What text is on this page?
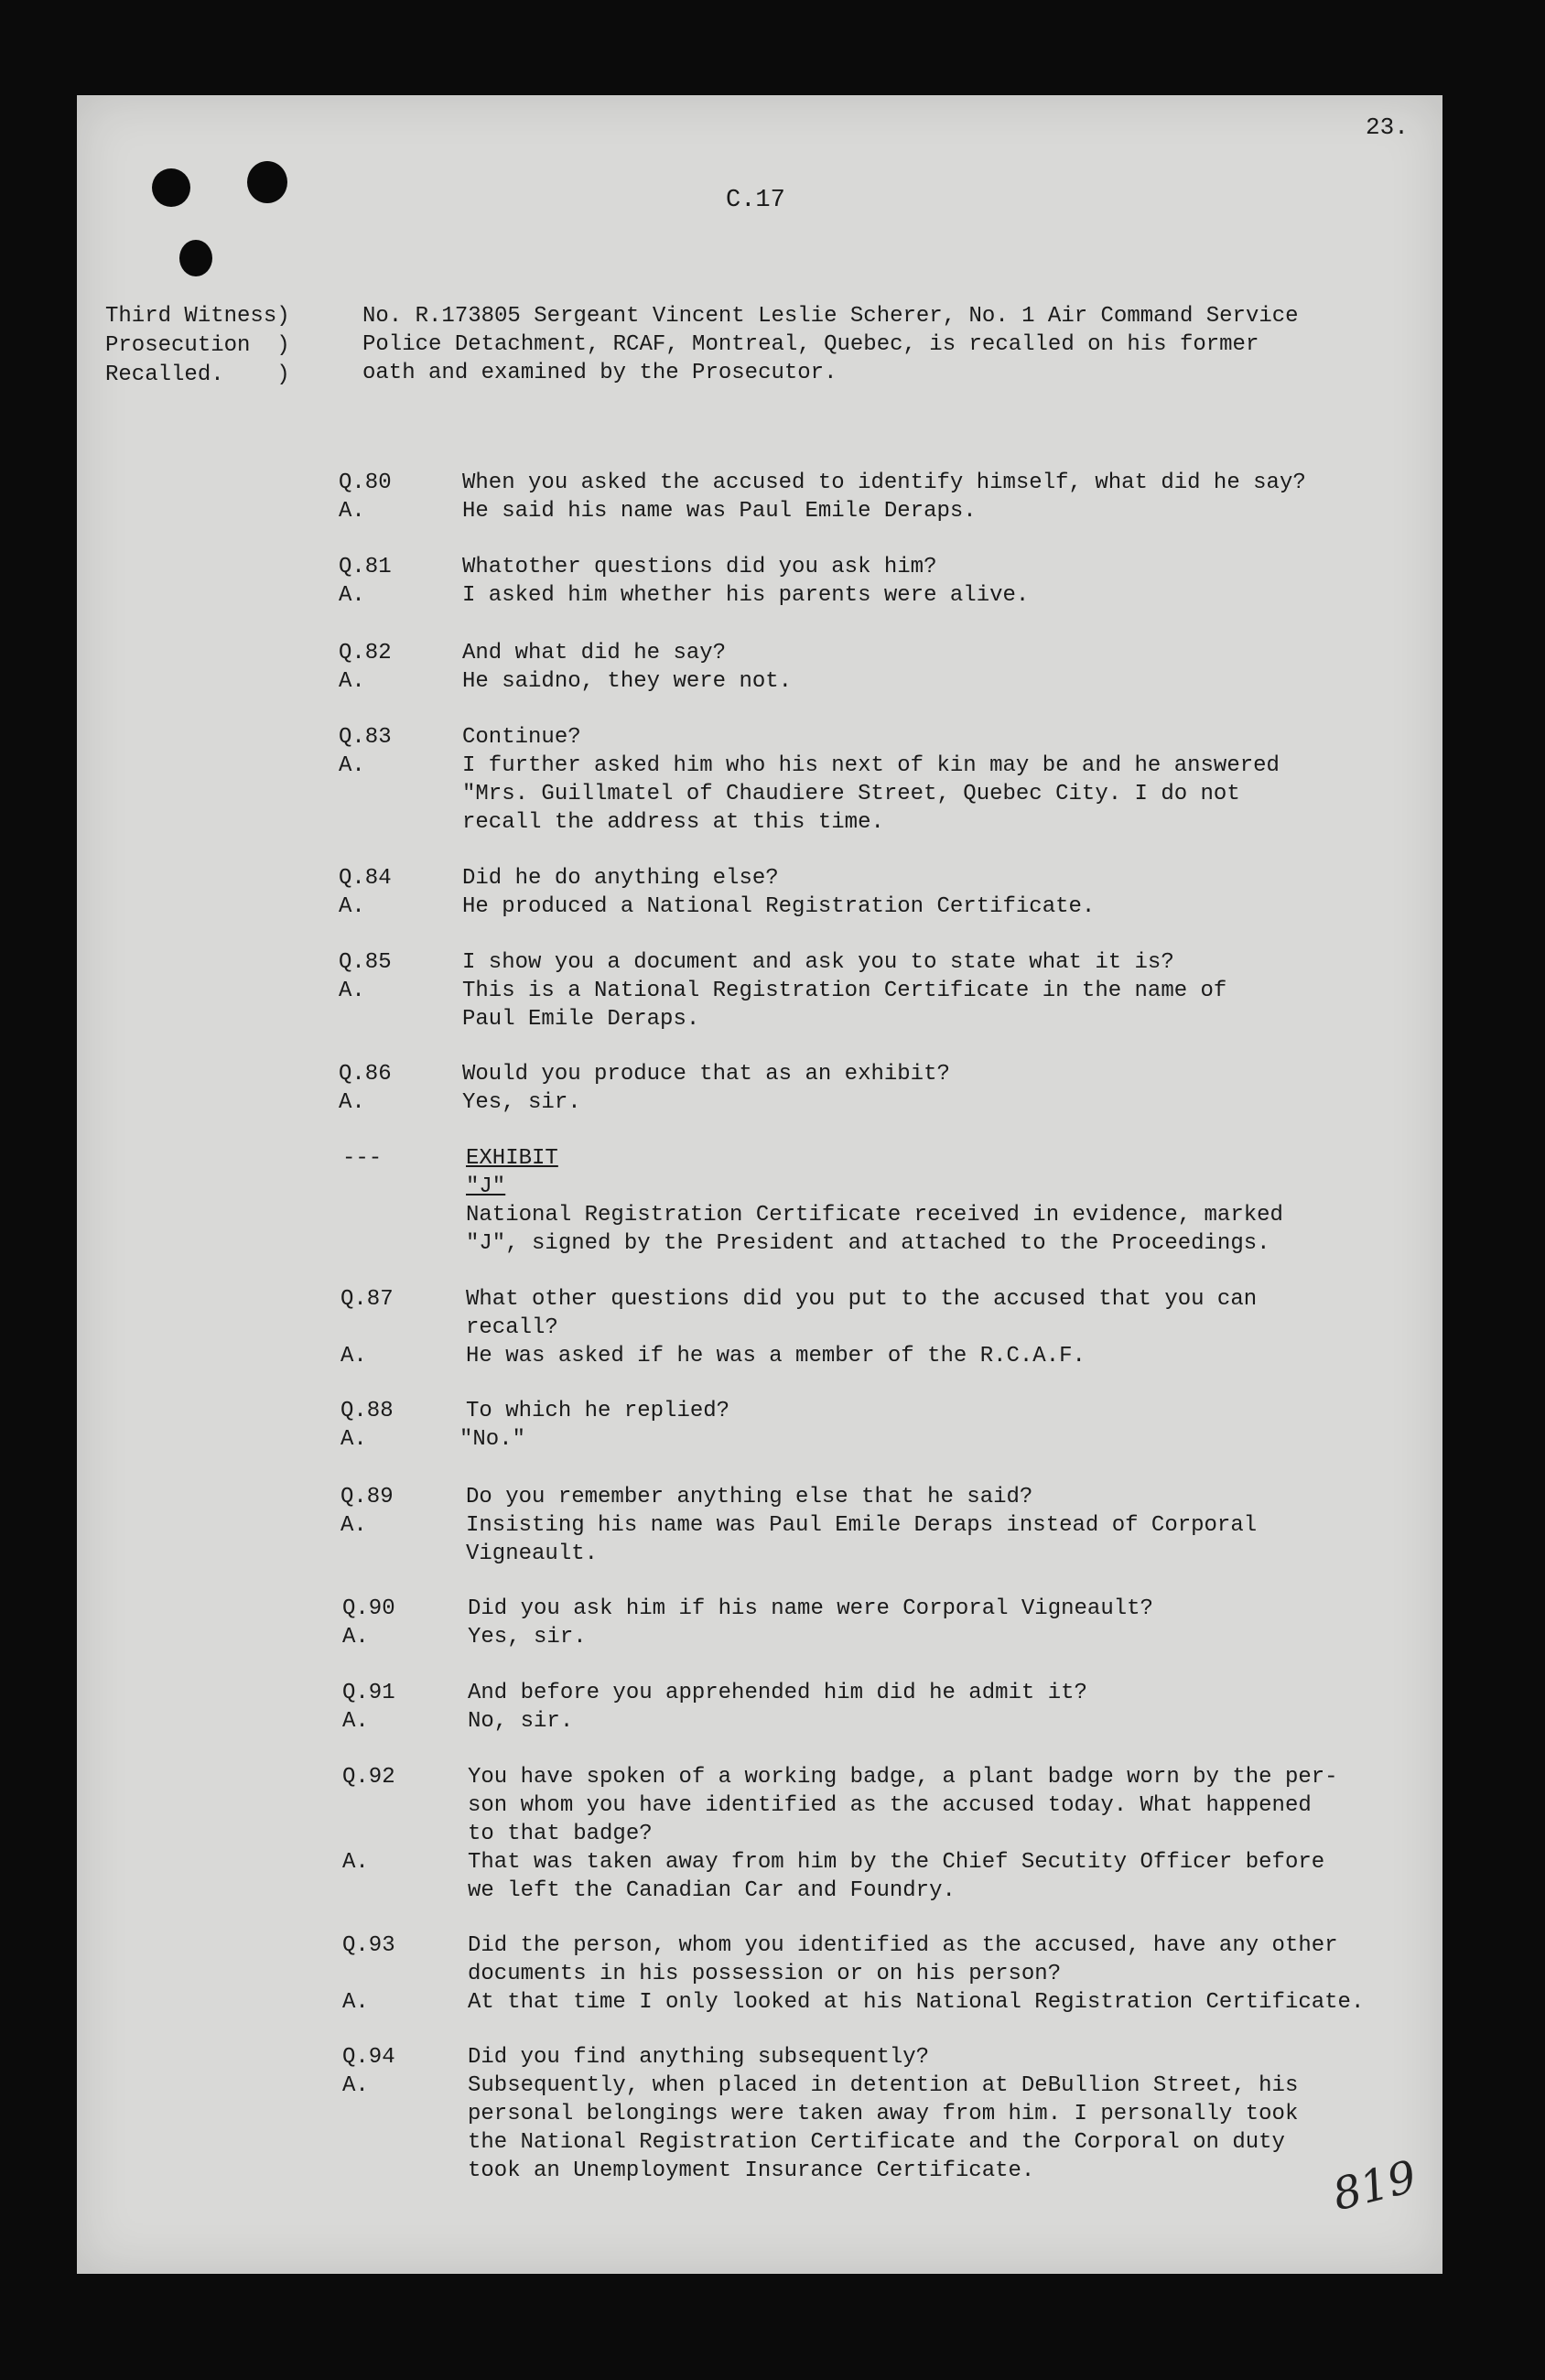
23.
C.17
Third Witness)
Prosecution  )
Recalled.    )
No. R.173805 Sergeant Vincent Leslie Scherer, No. 1 Air Command Service
Police Detachment, RCAF, Montreal, Quebec, is recalled on his former
oath and examined by the Prosecutor.
Q.80	When you asked the accused to identify himself, what did he say?
A.	He said his name was Paul Emile Deraps.
Q.81	Whatother questions did you ask him?
A.	I asked him whether his parents were alive.
Q.82	And what did he say?
A.	He saidno, they were not.
Q.83	Continue?
A.	I further asked him who his next of kin may be and he answered
"Mrs. Guillmatel of Chaudiere Street, Quebec City. I do not
recall the address at this time.
Q.84	Did he do anything else?
A.	He produced a National Registration Certificate.
Q.85	I show you a document and ask you to state what it is?
A.	This is a National Registration Certificate in the name of
Paul Emile Deraps.
Q.86	Would you produce that as an exhibit?
A.	Yes, sir.
---	EXHIBIT "J"
National Registration Certificate received in evidence, marked
"J", signed by the President and attached to the Proceedings.
Q.87	What other questions did you put to the accused that you can
recall?
A.	He was asked if he was a member of the R.C.A.F.
Q.88	To which he replied?
A.	"No."
Q.89	Do you remember anything else that he said?
A.	Insisting his name was Paul Emile Deraps instead of Corporal
Vigneault.
Q.90	Did you ask him if his name were Corporal Vigneault?
A.	Yes, sir.
Q.91	And before you apprehended him did he admit it?
A.	No, sir.
Q.92	You have spoken of a working badge, a plant badge worn by the per-
son whom you have identified as the accused today. What happened
to that badge?
A.	That was taken away from him by the Chief Secutity Officer before
we left the Canadian Car and Foundry.
Q.93	Did the person, whom you identified as the accused, have any other
documents in his possession or on his person?
A.	At that time I only looked at his National Registration Certificate.
Q.94	Did you find anything subsequently?
A.	Subsequently, when placed in detention at DeBullion Street, his
personal belongings were taken away from him. I personally took
the National Registration Certificate and the Corporal on duty
took an Unemployment Insurance Certificate.	819
